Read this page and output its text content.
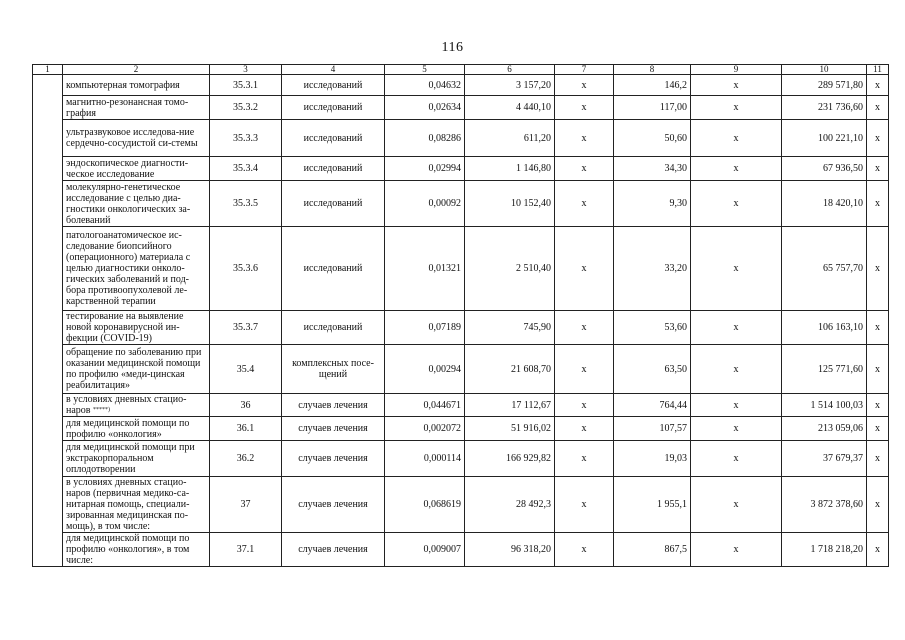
116
1	2	3	4	5	6	7	8	9	10	11
	компьютерная томография	35.3.1	исследований	0,04632	3 157,20	x	146,2	x	289 571,80	x
	магнитно-резонансная томо-графия	35.3.2	исследований	0,02634	4 440,10	x	117,00	x	231 736,60	x
	ультразвуковое исследова-ние сердечно-сосудистой си-стемы	35.3.3	исследований	0,08286	611,20	x	50,60	x	100 221,10	x
	эндоскопическое диагности-ческое исследование	35.3.4	исследований	0,02994	1 146,80	x	34,30	x	67 936,50	x
	молекулярно-генетическое исследование с целью диа-гностики онкологических за-болеваний	35.3.5	исследований	0,00092	10 152,40	x	9,30	x	18 420,10	x
	патологоанатомическое ис-следование биопсийного (операционного) материала с целью диагностики онколо-гических заболеваний и под-бора противоопухолевой ле-карственной терапии	35.3.6	исследований	0,01321	2 510,40	x	33,20	x	65 757,70	x
	тестирование на выявление новой коронавирусной ин-фекции (COVID-19)	35.3.7	исследований	0,07189	745,90	x	53,60	x	106 163,10	x
	обращение по заболеванию при оказании медицинской помощи по профилю «меди-цинская реабилитация»	35.4	комплексных посе-щений	0,00294	21 608,70	x	63,50	x	125 771,60	x
	в условиях дневных стацио-наров *****)	36	случаев лечения	0,044671	17 112,67	x	764,44	x	1 514 100,03	x
	для медицинской помощи по профилю «онкология»	36.1	случаев лечения	0,002072	51 916,02	x	107,57	x	213 059,06	x
	для медицинской помощи при экстракорпоральном оплодотворении	36.2	случаев лечения	0,000114	166 929,82	x	19,03	x	37 679,37	x
	в условиях дневных стацио-наров (первичная медико-са-нитарная помощь, специали-зированная медицинская по-мощь), в том числе:	37	случаев лечения	0,068619	28 492,3	x	1 955,1	x	3 872 378,60	x
	для медицинской помощи по профилю «онкология», в том числе:	37.1	случаев лечения	0,009007	96 318,20	x	867,5	x	1 718 218,20	x
